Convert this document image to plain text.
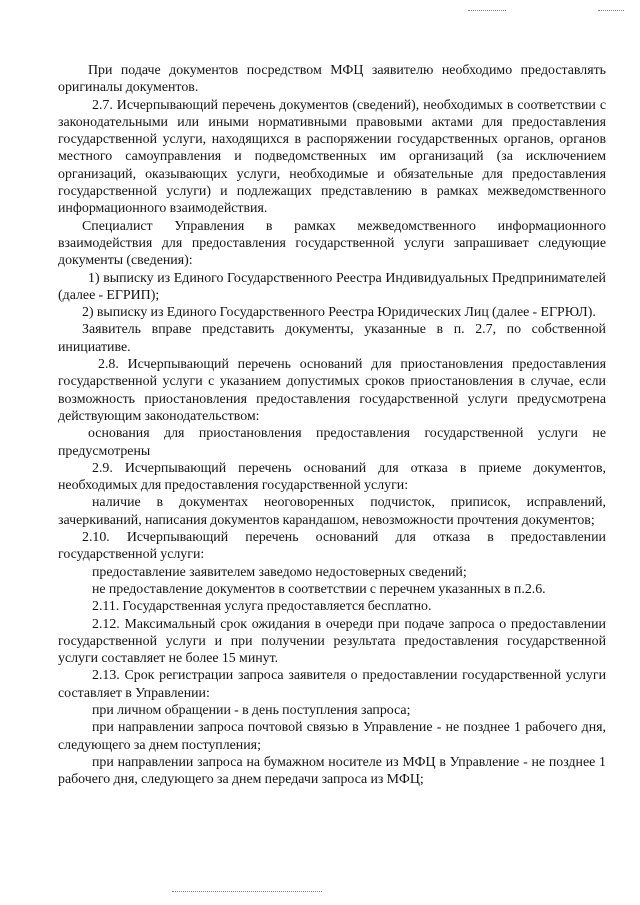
При подаче документов посредством МФЦ заявителю необходимо предоставлять оригиналы документов.

2.7. Исчерпывающий перечень документов (сведений), необходимых в соответствии с законодательными или иными нормативными правовыми актами для предоставления государственной услуги, находящихся в распоряжении государственных органов, органов местного самоуправления и подведомственных им организаций (за исключением организаций, оказывающих услуги, необходимые и обязательные для предоставления государственной услуги) и подлежащих представлению в рамках межведомственного информационного взаимодействия.

Специалист Управления в рамках межведомственного информационного взаимодействия для предоставления государственной услуги запрашивает следующие документы (сведения):

1) выписку из Единого Государственного Реестра Индивидуальных Предпринимателей (далее - ЕГРИП);

2) выписку из Единого Государственного Реестра Юридических Лиц (далее - ЕГРЮЛ).

Заявитель вправе представить документы, указанные в п. 2.7, по собственной инициативе.

2.8. Исчерпывающий перечень оснований для приостановления предоставления государственной услуги с указанием допустимых сроков приостановления в случае, если возможность приостановления предоставления государственной услуги предусмотрена действующим законодательством:

основания для приостановления предоставления государственной услуги не предусмотрены

2.9. Исчерпывающий перечень оснований для отказа в приеме документов, необходимых для предоставления государственной услуги:

наличие в документах неоговоренных подчисток, приписок, исправлений, зачеркиваний, написания документов карандашом, невозможности прочтения документов;

2.10. Исчерпывающий перечень оснований для отказа в предоставлении государственной услуги:

предоставление заявителем заведомо недостоверных сведений;

не предоставление документов в соответствии с перечнем указанных в п.2.6.

2.11. Государственная услуга предоставляется бесплатно.

2.12. Максимальный срок ожидания в очереди при подаче запроса о предоставлении государственной услуги и при получении результата предоставления государственной услуги составляет не более 15 минут.

2.13. Срок регистрации запроса заявителя о предоставлении государственной услуги составляет в Управлении:

при личном обращении - в день поступления запроса;

при направлении запроса почтовой связью в Управление - не позднее 1 рабочего дня, следующего за днем поступления;

при направлении запроса на бумажном носителе из МФЦ в Управление - не позднее 1 рабочего дня, следующего за днем передачи запроса из МФЦ;
